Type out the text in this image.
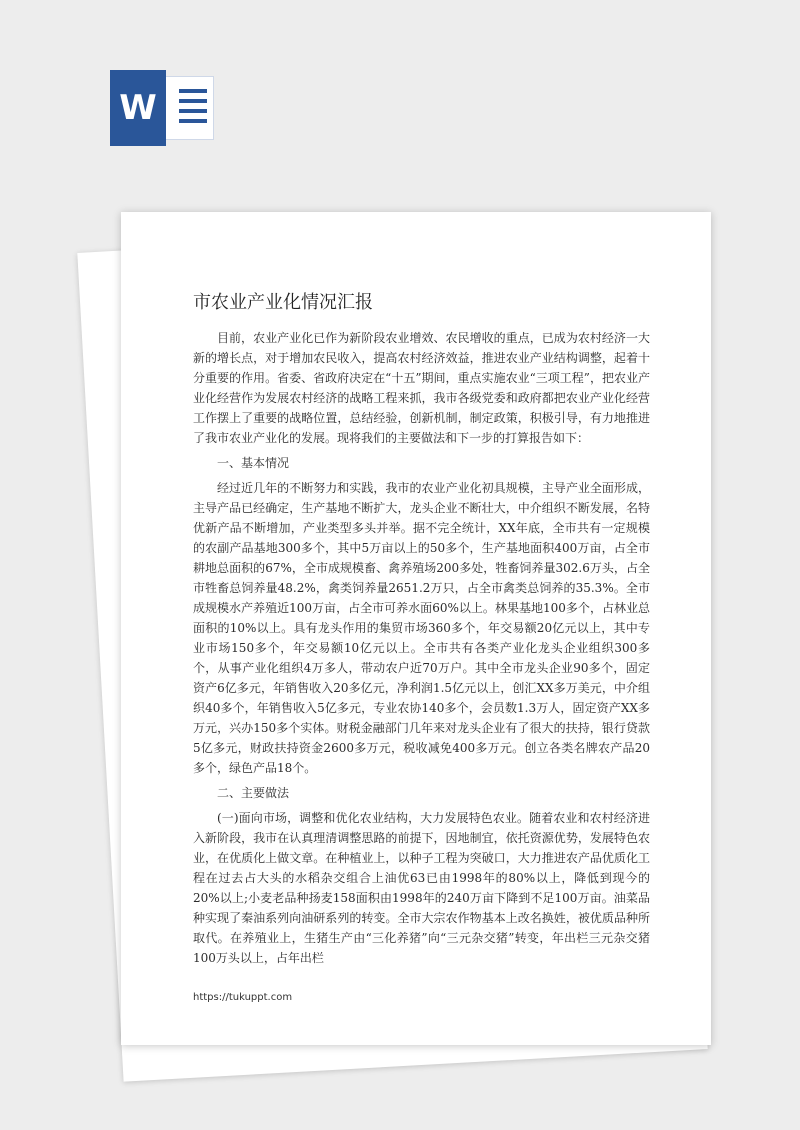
W
市农业产业化情况汇报

目前，农业产业化已作为新阶段农业增效、农民增收的重点，已成为农村经济一大新的增长点，对于增加农民收入，提高农村经济效益，推进农业产业结构调整，起着十分重要的作用。省委、省政府决定在“十五”期间，重点实施农业“三项工程”，把农业产业化经营作为发展农村经济的战略工程来抓，我市各级党委和政府都把农业产业化经营工作摆上了重要的战略位置，总结经验，创新机制，制定政策，积极引导，有力地推进了我市农业产业化的发展。现将我们的主要做法和下一步的打算报告如下：

一、基本情况

经过近几年的不断努力和实践，我市的农业产业化初具规模，主导产业全面形成，主导产品已经确定，生产基地不断扩大，龙头企业不断壮大，中介组织不断发展，名特优新产品不断增加，产业类型多头并举。据不完全统计，XX年底，全市共有一定规模的农副产品基地300多个，其中5万亩以上的50多个，生产基地面积400万亩，占全市耕地总面积的67%，全市成规模畜、禽养殖场200多处，牲畜饲养量302.6万头，占全市牲畜总饲养量48.2%，禽类饲养量2651.2万只，占全市禽类总饲养的35.3%。全市成规模水产养殖近100万亩，占全市可养水面60%以上。林果基地100多个，占林业总面积的10%以上。具有龙头作用的集贸市场360多个，年交易额20亿元以上，其中专业市场150多个，年交易额10亿元以上。全市共有各类产业化龙头企业组织300多个，从事产业化组织4万多人，带动农户近70万户。其中全市龙头企业90多个，固定资产6亿多元，年销售收入20多亿元，净利润1.5亿元以上，创汇XX多万美元，中介组织40多个，年销售收入5亿多元，专业农协140多个，会员数1.3万人，固定资产XX多万元，兴办150多个实体。财税金融部门几年来对龙头企业有了很大的扶持，银行贷款5亿多元，财政扶持资金2600多万元，税收减免400多万元。创立各类名牌农产品20多个，绿色产品18个。

二、主要做法

(一)面向市场，调整和优化农业结构，大力发展特色农业。随着农业和农村经济进入新阶段，我市在认真理清调整思路的前提下，因地制宜，依托资源优势，发展特色农业，在优质化上做文章。在种植业上，以种子工程为突破口，大力推进农产品优质化工程在过去占大头的水稻杂交组合上油优63已由1998年的80%以上，降低到现今的20%以上;小麦老品种扬麦158面积由1998年的240万亩下降到不足100万亩。油菜品种实现了秦油系列向油研系列的转变。全市大宗农作物基本上改名换姓，被优质品种所取代。在养殖业上，生猪生产由“三化养猪”向“三元杂交猪”转变，年出栏三元杂交猪100万头以上，占年出栏

https://tukuppt.com
